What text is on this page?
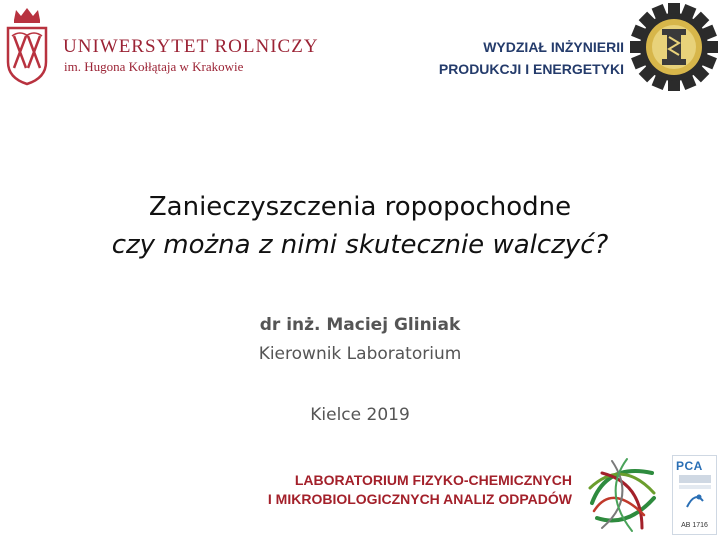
UNIWERSYTET ROLNICZY
im. Hugona Kołłątaja w Krakowie
WYDZIAŁ INŻYNIERII
PRODUKCJI I ENERGETYKI
Zanieczyszczenia ropopochodne
czy można z nimi skutecznie walczyć?
dr inż. Maciej Gliniak
Kierownik Laboratorium
Kielce 2019
LABORATORIUM FIZYKO-CHEMICZNYCH
I MIKROBIOLOGICZNYCH ANALIZ ODPADÓW
PCA
AB 1716
